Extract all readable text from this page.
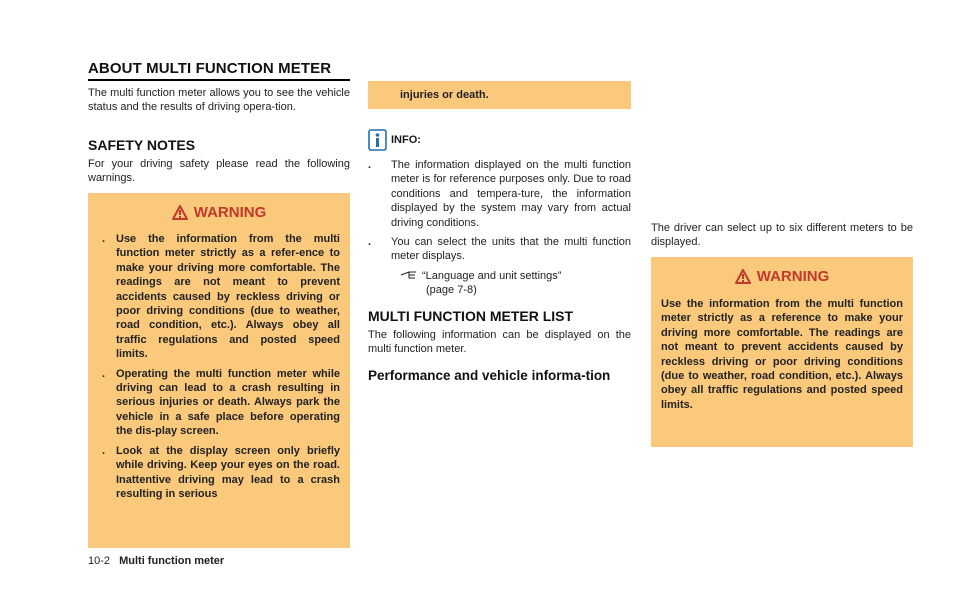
ABOUT MULTI FUNCTION METER

The multi function meter allows you to see the vehicle status and the results of driving opera-tion.

SAFETY NOTES

For your driving safety please read the following warnings.

WARNING
. Use the information from the multi function meter strictly as a refer-ence to make your driving more comfortable. The readings are not meant to prevent accidents caused by reckless driving or poor driving conditions (due to weather, road condition, etc.). Always obey all traffic regulations and posted speed limits.
. Operating the multi function meter while driving can lead to a crash resulting in serious injuries or death. Always park the vehicle in a safe place before operating the dis-play screen.
. Look at the display screen only briefly while driving. Keep your eyes on the road. Inattentive driving may lead to a crash resulting in serious
injuries or death.
INFO:
.	The information displayed on the multi function meter is for reference purposes only. Due to road conditions and tempera-ture, the information displayed by the system may vary from actual driving conditions.
.	You can select the units that the multi function meter displays.
“Language and unit settings”
(page 7-8)
MULTI FUNCTION METER LIST

The following information can be displayed on the multi function meter.

Performance and vehicle informa-tion

The driver can select up to six different meters to be displayed.

WARNING
Use the information from the multi function meter strictly as a reference to make your driving more comfortable. The readings are not meant to prevent accidents caused by reckless driving or poor driving conditions (due to weather, road condition, etc.). Always obey all traffic regulations and posted speed limits.
10-2 Multi function meter
